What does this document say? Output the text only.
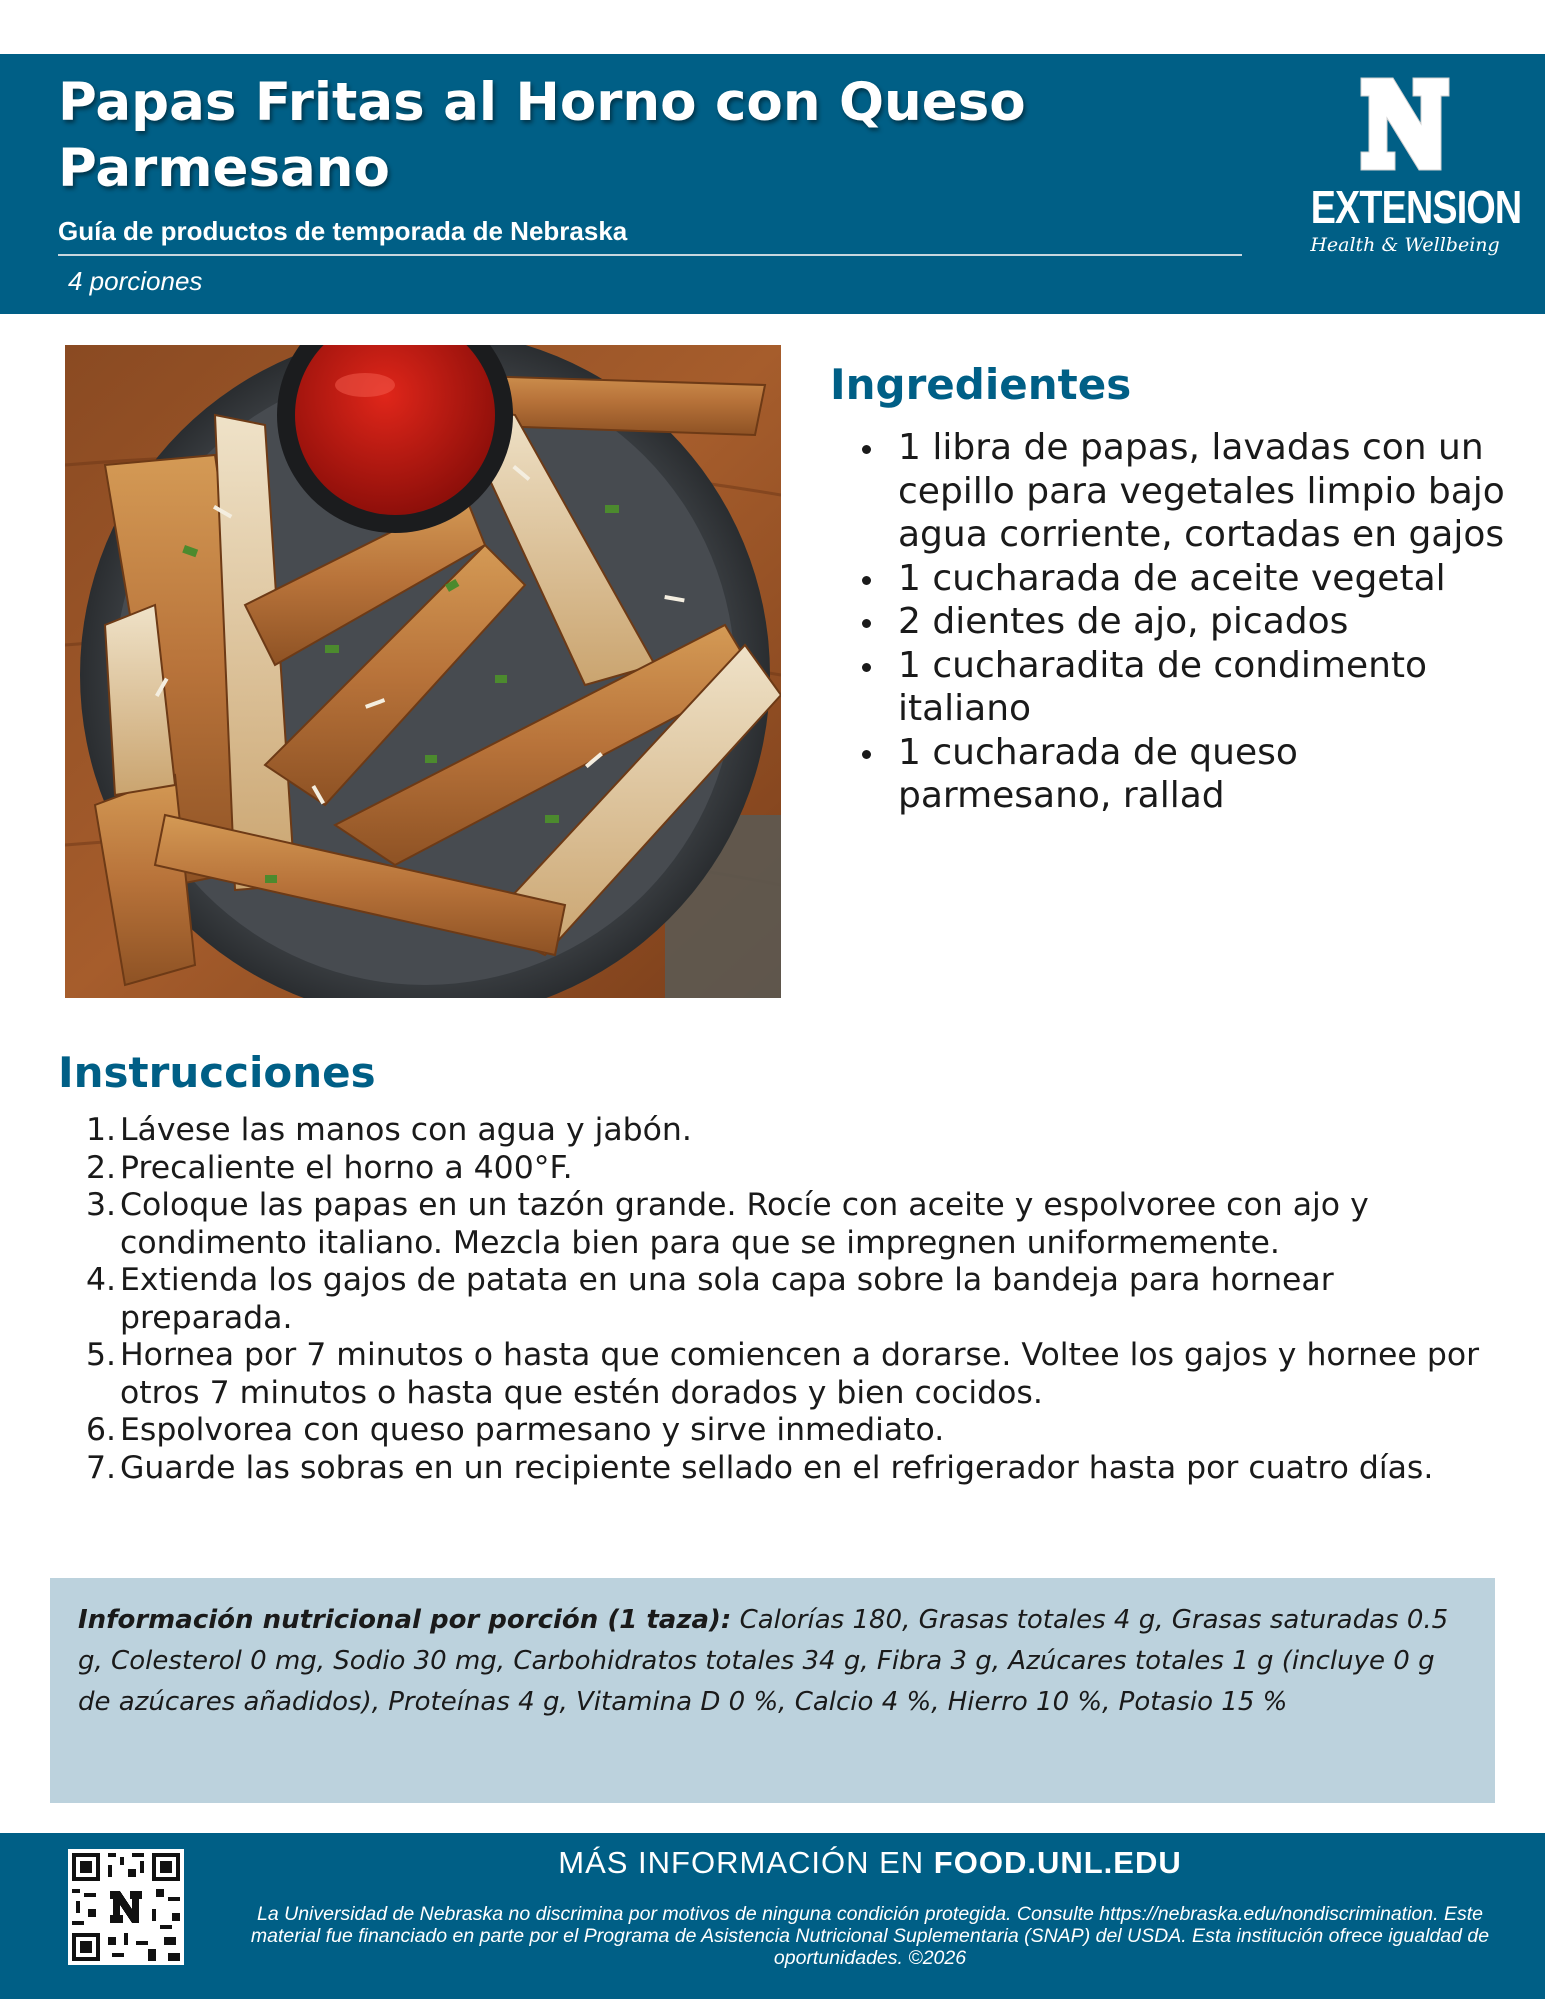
Papas Fritas al Horno con Queso Parmesano
Guía de productos de temporada de Nebraska
4 porciones
EXTENSION
Health & Wellbeing
Ingredientes
1 libra de papas, lavadas con un cepillo para vegetales limpio bajo agua corriente, cortadas en gajos
1 cucharada de aceite vegetal
2 dientes de ajo, picados
1 cucharadita de condimento italiano
1 cucharada de queso parmesano, rallad
Instrucciones
1. Lávese las manos con agua y jabón.
2. Precaliente el horno a 400°F.
3. Coloque las papas en un tazón grande. Rocíe con aceite y espolvoree con ajo y condimento italiano. Mezcla bien para que se impregnen uniformemente.
4. Extienda los gajos de patata en una sola capa sobre la bandeja para hornear preparada.
5. Hornea por 7 minutos o hasta que comiencen a dorarse. Voltee los gajos y hornee por otros 7 minutos o hasta que estén dorados y bien cocidos.
6. Espolvorea con queso parmesano y sirve inmediato.
7. Guarde las sobras en un recipiente sellado en el refrigerador hasta por cuatro días.

Información nutricional por porción (1 taza): Calorías 180, Grasas totales 4 g, Grasas saturadas 0.5 g, Colesterol 0 mg, Sodio 30 mg, Carbohidratos totales 34 g, Fibra 3 g, Azúcares totales 1 g (incluye 0 g de azúcares añadidos), Proteínas 4 g, Vitamina D 0 %, Calcio 4 %, Hierro 10 %, Potasio 15 %

MÁS INFORMACIÓN EN FOOD.UNL.EDU

La Universidad de Nebraska no discrimina por motivos de ninguna condición protegida. Consulte https://nebraska.edu/nondiscrimination. Este material fue financiado en parte por el Programa de Asistencia Nutricional Suplementaria (SNAP) del USDA. Esta institución ofrece igualdad de oportunidades. ©2026
